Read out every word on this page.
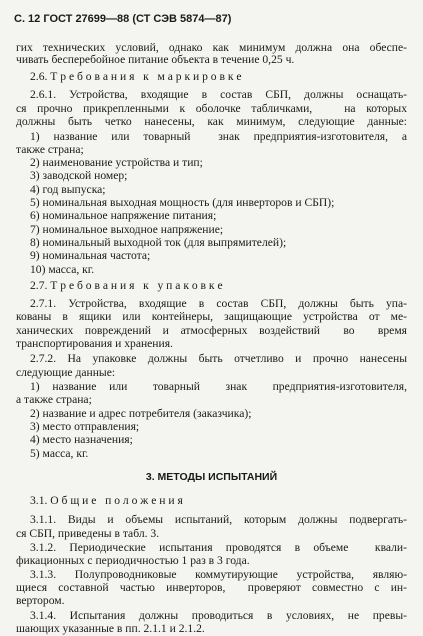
С. 12 ГОСТ 27699—88 (СТ СЭВ 5874—87)
гих технических условий, однако как минимум должна она обеспе-
чивать бесперебойное питание объекта в течение 0,25 ч.
2.6. Т р е б о в а н и я   к   м а р к и р о в к е
2.6.1. Устройства, входящие в состав СБП, должны оснащать-
ся прочно прикрепленными к оболочке табличками,   на которых
должны быть четко нанесены, как минимум, следующие данные:
1) название или товарный  знак предприятия-изготовителя, а
также страна;
2) наименование устройства и тип;
3) заводской номер;
4) год выпуска;
5) номинальная выходная мощность (для инверторов и СБП);
6) номинальное напряжение питания;
7) номинальное выходное напряжение;
8) номинальный выходной ток (для выпрямителей);
9) номинальная частота;
10) масса, кг.
2.7. Т р е б о в а н и я   к   у п а к о в к е
2.7.1. Устройства, входящие в состав СБП, должны быть упа-
кованы в ящики или контейнеры, защищающие устройства от ме-
ханических повреждений и атмосферных воздействий  во  время
транспортирования и хранения.
2.7.2. На упаковке должны быть отчетливо и прочно нанесены
следующие данные:
1) название или  товарный  знак  предприятия-изготовителя,
а также страна;
2) название и адрес потребителя (заказчика);
3) место отправления;
4) место назначения;
5) масса, кг.
3. МЕТОДЫ ИСПЫТАНИЙ
3.1. О б щ и е   п о л о ж е н и я
3.1.1. Виды и объемы испытаний, которым должны подвергать-
ся СБП, приведены в табл. 3.
3.1.2. Периодические испытания проводятся в объеме  квали-
фикационных с периодичностью 1 раз в 3 года.
3.1.3. Полупроводниковые коммутирующие устройства, являю-
щиеся составной частью инверторов,  проверяют совместно с ин-
вертором.
3.1.4. Испытания должны проводиться в условиях, не превы-
шающих указанные в пп. 2.1.1 и 2.1.2.
